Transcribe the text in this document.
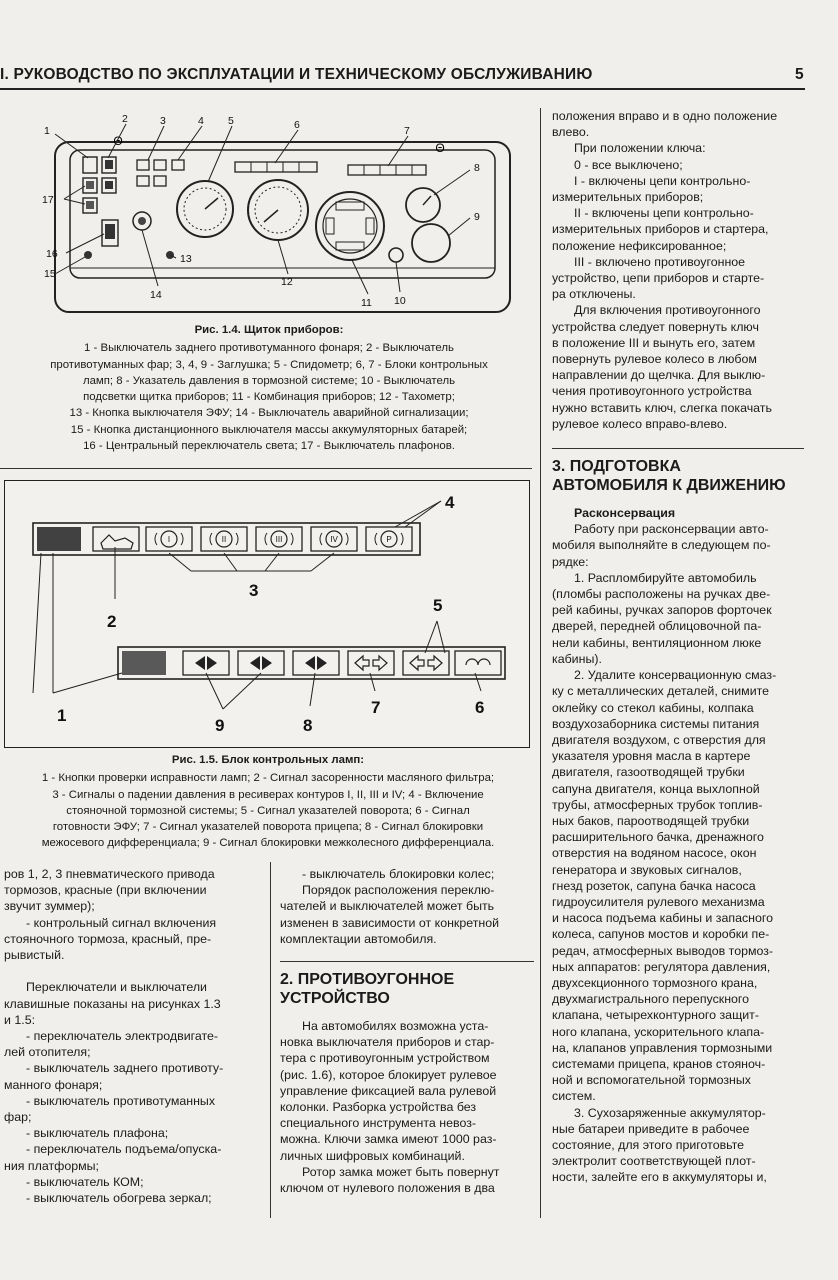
I. РУКОВОДСТВО ПО ЭКСПЛУАТАЦИИ И ТЕХНИЧЕСКОМУ ОБСЛУЖИВАНИЮ	5
Θ	Θ
1
2	3	4 5	6	7
8
9
10
11
12
13
14
15
16
17
Рис. 1.4. Щиток приборов:
1 - Выключатель заднего противотуманного фонаря; 2 - Выключатель
противотуманных фар; 3, 4, 9 - Заглушка; 5 - Спидометр; 6, 7 - Блоки контрольных
ламп; 8 - Указатель давления в тормозной системе; 10 - Выключатель
подсветки щитка приборов; 11 - Комбинация приборов; 12 - Тахометр;
13 - Кнопка выключателя ЭФУ; 14 - Выключатель аварийной сигнализации;
15 - Кнопка дистанционного выключателя массы аккумуляторных батарей;
16 - Центральный переключатель света; 17 - Выключатель плафонов.
I	II	III	IV	P
1
2
3
4
5
6
7
8
9
Рис. 1.5. Блок контрольных ламп:
1 - Кнопки проверки исправности ламп; 2 - Сигнал засоренности масляного фильтра;
3 - Сигналы о падении давления в ресиверах контуров I, II, III и IV; 4 - Включение
стояночной тормозной системы; 5 - Сигнал указателей поворота; 6 - Сигнал
готовности ЭФУ; 7 - Сигнал указателей поворота прицепа; 8 - Сигнал блокировки
межосевого дифференциала; 9 - Сигнал блокировки межколесного дифференциала.
ров 1, 2, 3 пневматического привода
тормозов, красные (при включении
звучит зуммер);
- контрольный сигнал включения
стояночного тормоза, красный, пре-
рывистый.

Переключатели и выключатели
клавишные показаны на рисунках 1.3
и 1.5:
- переключатель электродвигате-
лей отопителя;
- выключатель заднего противоту-
манного фонаря;
- выключатель противотуманных
фар;
- выключатель плафона;
- переключатель подъема/опуска-
ния платформы;
- выключатель КОМ;
- выключатель обогрева зеркал;
- выключатель блокировки колес;
Порядок расположения переклю-
чателей и выключателей может быть
изменен в зависимости от конкретной
комплектации автомобиля.
2. ПРОТИВОУГОННОЕ
УСТРОЙСТВО
На автомобилях возможна уста-
новка выключателя приборов и стар-
тера с противоугонным устройством
(рис. 1.6), которое блокирует рулевое
управление фиксацией вала рулевой
колонки. Разборка устройства без
специального инструмента невоз-
можна. Ключи замка имеют 1000 раз-
личных шифровых комбинаций.
Ротор замка может быть повернут
ключом от нулевого положения в два
положения вправо и в одно положение
влево.
При положении ключа:
0 - все выключено;
I - включены цепи контрольно-
измерительных приборов;
II - включены цепи контрольно-
измерительных приборов и стартера,
положение нефиксированное;
III - включено противоугонное
устройство, цепи приборов и старте-
ра отключены.
Для включения противоугонного
устройства следует повернуть ключ
в положение III и вынуть его, затем
повернуть рулевое колесо в любом
направлении до щелчка. Для выклю-
чения противоугонного устройства
нужно вставить ключ, слегка покачать
рулевое колесо вправо-влево.
3. ПОДГОТОВКА
АВТОМОБИЛЯ К ДВИЖЕНИЮ
Расконсервация
Работу при расконсервации авто-
мобиля выполняйте в следующем по-
рядке:
1. Распломбируйте автомобиль
(пломбы расположены на ручках две-
рей кабины, ручках запоров форточек
дверей, передней облицовочной па-
нели кабины, вентиляционном люке
кабины).
2. Удалите консервационную смаз-
ку с металлических деталей, снимите
оклейку со стекол кабины, колпака
воздухозаборника системы питания
двигателя воздухом, с отверстия для
указателя уровня масла в картере
двигателя, газоотводящей трубки
сапуна двигателя, конца выхлопной
трубы, атмосферных трубок топлив-
ных баков, пароотводящей трубки
расширительного бачка, дренажного
отверстия на водяном насосе, окон
генератора и звуковых сигналов,
гнезд розеток, сапуна бачка насоса
гидроусилителя рулевого механизма
и насоса подъема кабины и запасного
колеса, сапунов мостов и коробки пе-
редач, атмосферных выводов тормоз-
ных аппаратов: регулятора давления,
двухсекционного тормозного крана,
двухмагистрального перепускного
клапана, четырехконтурного защит-
ного клапана, ускорительного клапа-
на, клапанов управления тормозными
системами прицепа, кранов стояноч-
ной и вспомогательной тормозных
систем.
3. Сухозаряженные аккумулятор-
ные батареи приведите в рабочее
состояние, для этого приготовьте
электролит соответствующей плот-
ности, залейте его в аккумуляторы и,
